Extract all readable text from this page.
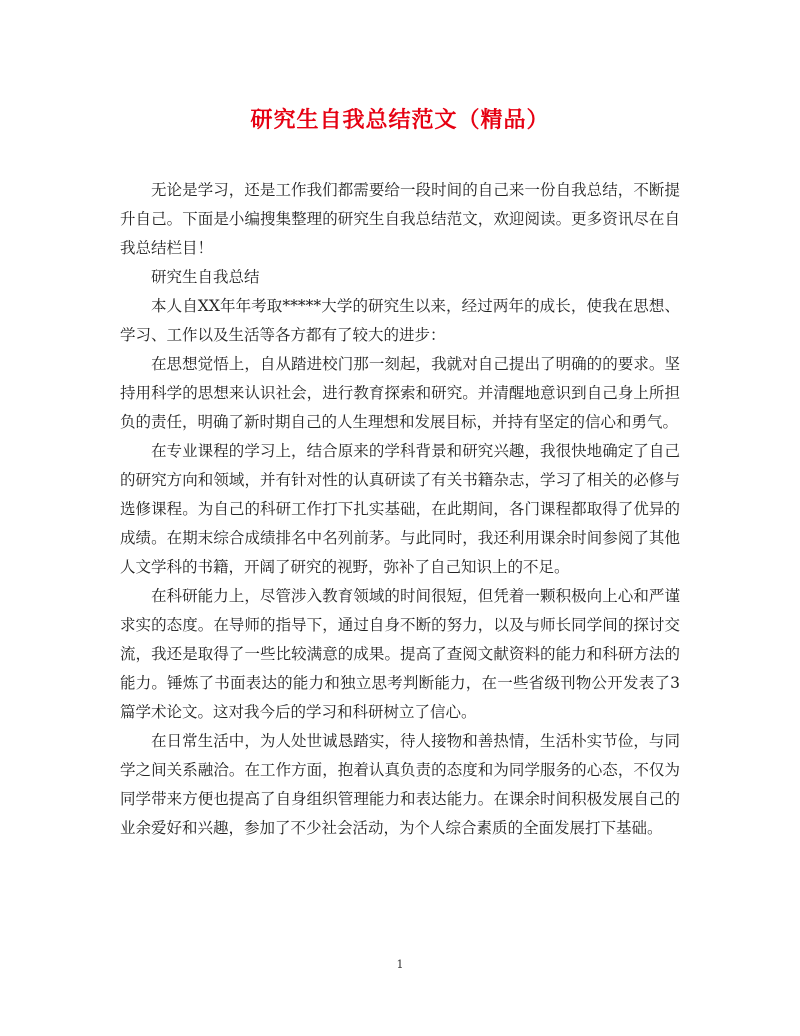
研究生自我总结范文（精品）

无论是学习，还是工作我们都需要给一段时间的自己来一份自我总结，不断提升自己。下面是小编搜集整理的研究生自我总结范文，欢迎阅读。更多资讯尽在自我总结栏目！

研究生自我总结

本人自XX年年考取*****大学的研究生以来，经过两年的成长，使我在思想、学习、工作以及生活等各方都有了较大的进步：

在思想觉悟上，自从踏进校门那一刻起，我就对自己提出了明确的的要求。坚持用科学的思想来认识社会，进行教育探索和研究。并清醒地意识到自己身上所担负的责任，明确了新时期自己的人生理想和发展目标，并持有坚定的信心和勇气。

在专业课程的学习上，结合原来的学科背景和研究兴趣，我很快地确定了自己的研究方向和领域，并有针对性的认真研读了有关书籍杂志，学习了相关的必修与选修课程。为自己的科研工作打下扎实基础，在此期间，各门课程都取得了优异的成绩。在期末综合成绩排名中名列前茅。与此同时，我还利用课余时间参阅了其他人文学科的书籍，开阔了研究的视野，弥补了自己知识上的不足。

在科研能力上，尽管涉入教育领域的时间很短，但凭着一颗积极向上心和严谨求实的态度。在导师的指导下，通过自身不断的努力，以及与师长同学间的探讨交流，我还是取得了一些比较满意的成果。提高了查阅文献资料的能力和科研方法的能力。锤炼了书面表达的能力和独立思考判断能力，在一些省级刊物公开发表了3篇学术论文。这对我今后的学习和科研树立了信心。

在日常生活中，为人处世诚恳踏实，待人接物和善热情，生活朴实节俭，与同学之间关系融洽。在工作方面，抱着认真负责的态度和为同学服务的心态，不仅为同学带来方便也提高了自身组织管理能力和表达能力。在课余时间积极发展自己的业余爱好和兴趣，参加了不少社会活动，为个人综合素质的全面发展打下基础。

1
